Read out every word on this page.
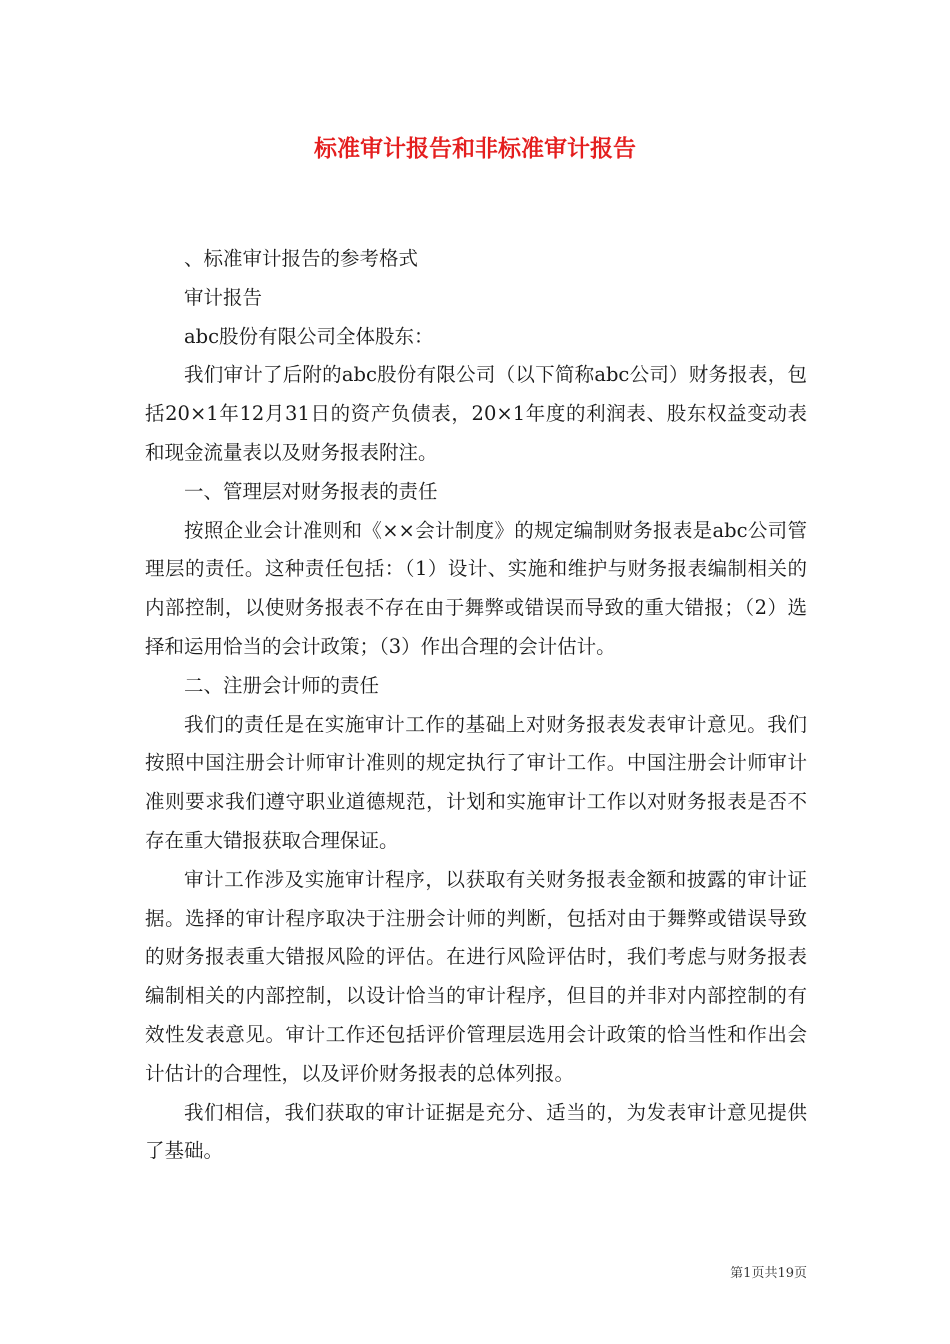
标准审计报告和非标准审计报告

、标准审计报告的参考格式

审计报告

abc股份有限公司全体股东：

我们审计了后附的abc股份有限公司（以下简称abc公司）财务报表，包括20×1年12月31日的资产负债表，20×1年度的利润表、股东权益变动表和现金流量表以及财务报表附注。

一、管理层对财务报表的责任

按照企业会计准则和《××会计制度》的规定编制财务报表是abc公司管理层的责任。这种责任包括：（1）设计、实施和维护与财务报表编制相关的内部控制，以使财务报表不存在由于舞弊或错误而导致的重大错报；（2）选择和运用恰当的会计政策；（3）作出合理的会计估计。

二、注册会计师的责任

我们的责任是在实施审计工作的基础上对财务报表发表审计意见。我们按照中国注册会计师审计准则的规定执行了审计工作。中国注册会计师审计准则要求我们遵守职业道德规范，计划和实施审计工作以对财务报表是否不存在重大错报获取合理保证。

审计工作涉及实施审计程序，以获取有关财务报表金额和披露的审计证据。选择的审计程序取决于注册会计师的判断，包括对由于舞弊或错误导致的财务报表重大错报风险的评估。在进行风险评估时，我们考虑与财务报表编制相关的内部控制，以设计恰当的审计程序，但目的并非对内部控制的有效性发表意见。审计工作还包括评价管理层选用会计政策的恰当性和作出会计估计的合理性，以及评价财务报表的总体列报。

我们相信，我们获取的审计证据是充分、适当的，为发表审计意见提供了基础。

第1页共19页
